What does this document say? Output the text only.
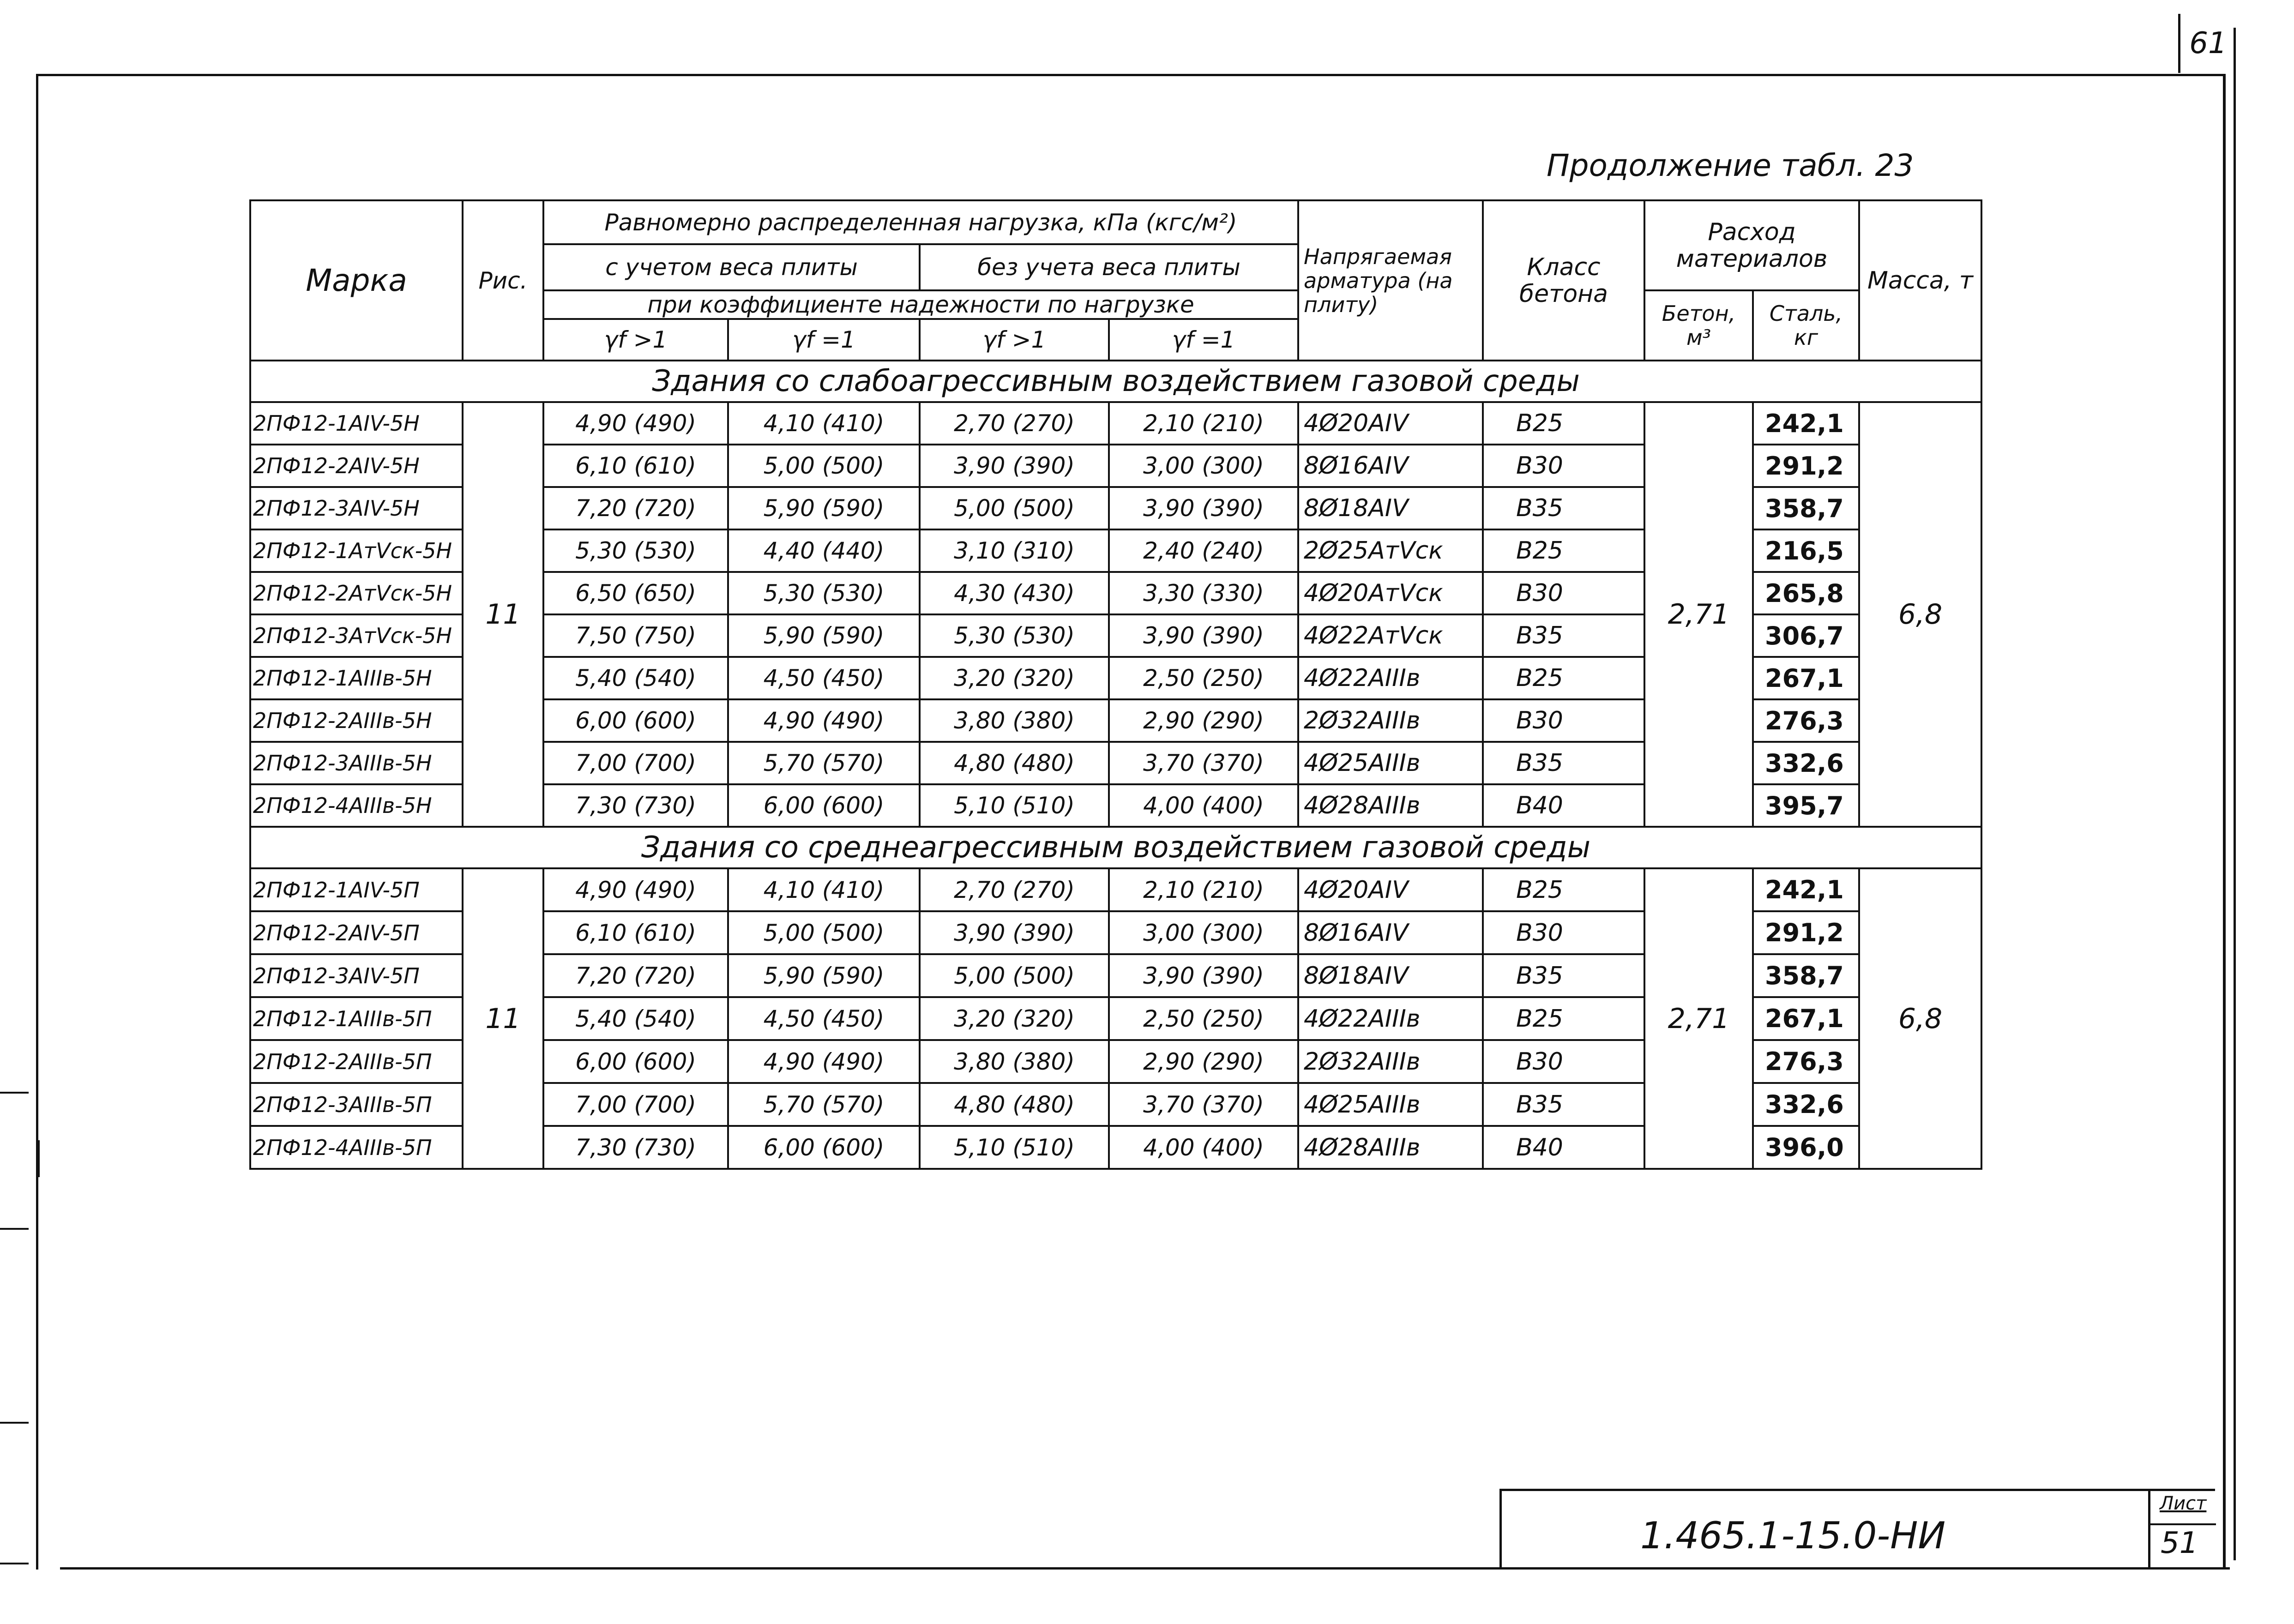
61
Продолжение табл. 23
Марка	Рис.	Равномерно распределенная нагрузка, кПа (кгс/м²)				Напрягаемая арматура (на плиту)	Класс бетона	Расход материалов		Масса, т
		с учетом веса плиты		без учета веса плиты						
		при коэффициенте надежности по нагрузке						Бетон, м³	Сталь, кг	
		γf >1	γf =1	γf >1	γf =1					
Здания со слабоагрессивным воздействием газовой среды										
2ПФ12-1АIV-5Н	11	4,90 (490)	4,10 (410)	2,70 (270)	2,10 (210)	4Ø20АIV	В25	2,71	242,1	6,8
2ПФ12-2АIV-5Н		6,10 (610)	5,00 (500)	3,90 (390)	3,00 (300)	8Ø16АIV	В30		291,2	
2ПФ12-3АIV-5Н		7,20 (720)	5,90 (590)	5,00 (500)	3,90 (390)	8Ø18АIV	В35		358,7	
2ПФ12-1АтVск-5Н		5,30 (530)	4,40 (440)	3,10 (310)	2,40 (240)	2Ø25АтVск	В25		216,5	
2ПФ12-2АтVск-5Н		6,50 (650)	5,30 (530)	4,30 (430)	3,30 (330)	4Ø20АтVск	В30		265,8	
2ПФ12-3АтVск-5Н		7,50 (750)	5,90 (590)	5,30 (530)	3,90 (390)	4Ø22АтVск	В35		306,7	
2ПФ12-1АIIIв-5Н		5,40 (540)	4,50 (450)	3,20 (320)	2,50 (250)	4Ø22АIIIв	В25		267,1	
2ПФ12-2АIIIв-5Н		6,00 (600)	4,90 (490)	3,80 (380)	2,90 (290)	2Ø32АIIIв	В30		276,3	
2ПФ12-3АIIIв-5Н		7,00 (700)	5,70 (570)	4,80 (480)	3,70 (370)	4Ø25АIIIв	В35		332,6	
2ПФ12-4АIIIв-5Н		7,30 (730)	6,00 (600)	5,10 (510)	4,00 (400)	4Ø28АIIIв	В40		395,7	
Здания со среднеагрессивным воздействием газовой среды										
2ПФ12-1АIV-5П	11	4,90 (490)	4,10 (410)	2,70 (270)	2,10 (210)	4Ø20АIV	В25	2,71	242,1	6,8
2ПФ12-2АIV-5П		6,10 (610)	5,00 (500)	3,90 (390)	3,00 (300)	8Ø16АIV	В30		291,2	
2ПФ12-3АIV-5П		7,20 (720)	5,90 (590)	5,00 (500)	3,90 (390)	8Ø18АIV	В35		358,7	
2ПФ12-1АIIIв-5П		5,40 (540)	4,50 (450)	3,20 (320)	2,50 (250)	4Ø22АIIIв	В25		267,1	
2ПФ12-2АIIIв-5П		6,00 (600)	4,90 (490)	3,80 (380)	2,90 (290)	2Ø32АIIIв	В30		276,3	
2ПФ12-3АIIIв-5П		7,00 (700)	5,70 (570)	4,80 (480)	3,70 (370)	4Ø25АIIIв	В35		332,6	
2ПФ12-4АIIIв-5П		7,30 (730)	6,00 (600)	5,10 (510)	4,00 (400)	4Ø28АIIIв	В40		396,0	
1.465.1-15.0-НИ
Лист
51
